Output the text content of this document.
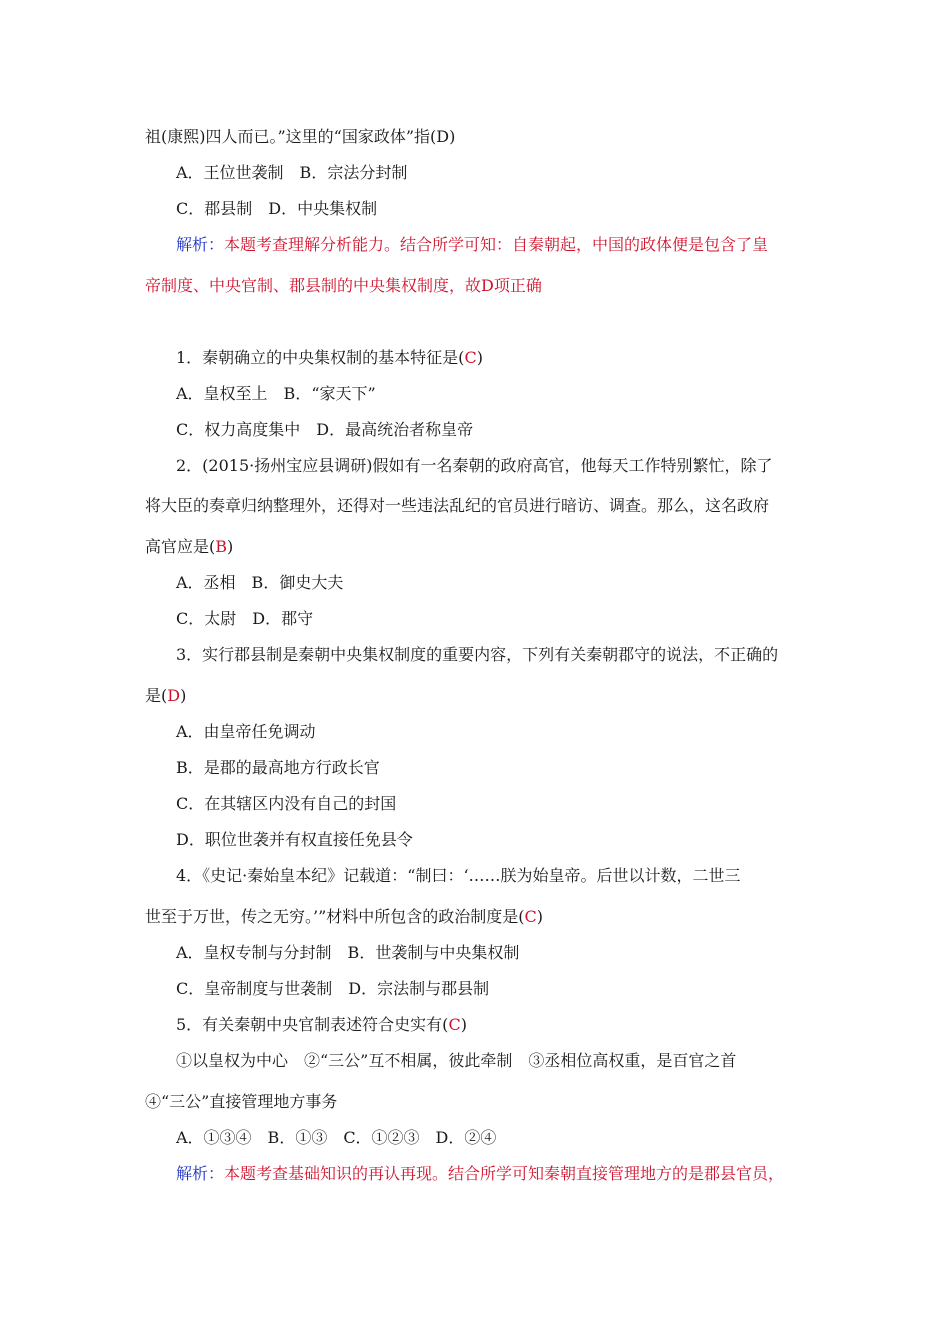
祖(康熙)四人而已。”这里的“国家政体”指(D)
A．王位世袭制　B．宗法分封制
C．郡县制　D．中央集权制
解析：本题考查理解分析能力。结合所学可知：自秦朝起，中国的政体便是包含了皇
帝制度、中央官制、郡县制的中央集权制度，故D项正确
1．秦朝确立的中央集权制的基本特征是(C)
A．皇权至上　B．“家天下”
C．权力高度集中　D．最高统治者称皇帝
2．(2015·扬州宝应县调研)假如有一名秦朝的政府高官，他每天工作特别繁忙，除了
将大臣的奏章归纳整理外，还得对一些违法乱纪的官员进行暗访、调查。那么，这名政府
高官应是(B)
A．丞相　B．御史大夫
C．太尉　D．郡守
3．实行郡县制是秦朝中央集权制度的重要内容，下列有关秦朝郡守的说法，不正确的
是(D)
A．由皇帝任免调动
B．是郡的最高地方行政长官
C．在其辖区内没有自己的封国
D．职位世袭并有权直接任免县令
4．《史记·秦始皇本纪》记载道：“制曰：‘……朕为始皇帝。后世以计数，二世三
世至于万世，传之无穷。’”材料中所包含的政治制度是(C)
A．皇权专制与分封制　B．世袭制与中央集权制
C．皇帝制度与世袭制　D．宗法制与郡县制
5．有关秦朝中央官制表述符合史实有(C)
①以皇权为中心　②“三公”互不相属，彼此牵制　③丞相位高权重，是百官之首
④“三公”直接管理地方事务
A．①③④　B．①③　C．①②③　D．②④
解析：本题考查基础知识的再认再现。结合所学可知秦朝直接管理地方的是郡县官员，
